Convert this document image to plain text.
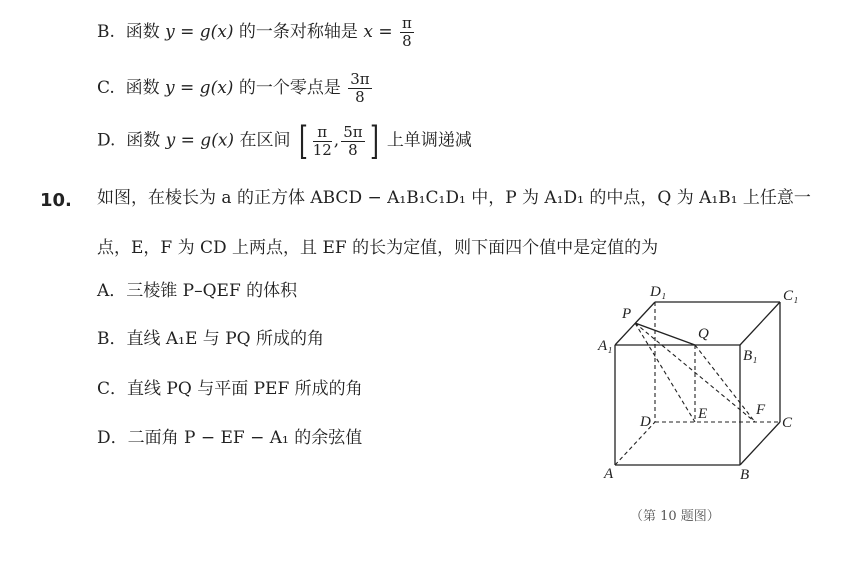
B. 函数 y = g(x) 的一条对称轴是 $x = \frac{\pi}{8}$
C. 函数 y = g(x) 的一个零点是 $\frac{3\pi}{8}$
D. 函数 y = g(x) 在区间 [ $\frac{\pi}{12}$ , $\frac{5\pi}{8}$ ] 上单调递减
10. 如图，在棱长为 a 的正方体 ABCD − A₁B₁C₁D₁ 中，P 为 A₁D₁ 的中点，Q 为 A₁B₁ 上任意一
点，E，F 为 CD 上两点，且 EF 的长为定值，则下面四个值中是定值的为
A．三棱锥 P–QEF 的体积
B．直线 A₁E 与 PQ 所成的角
C．直线 PQ 与平面 PEF 所成的角
D．二面角 P − EF − A₁ 的余弦值
P
D₁	C₁
A₁
Q
B₁
D	E	F
C
A	B
（第 10 题图）
